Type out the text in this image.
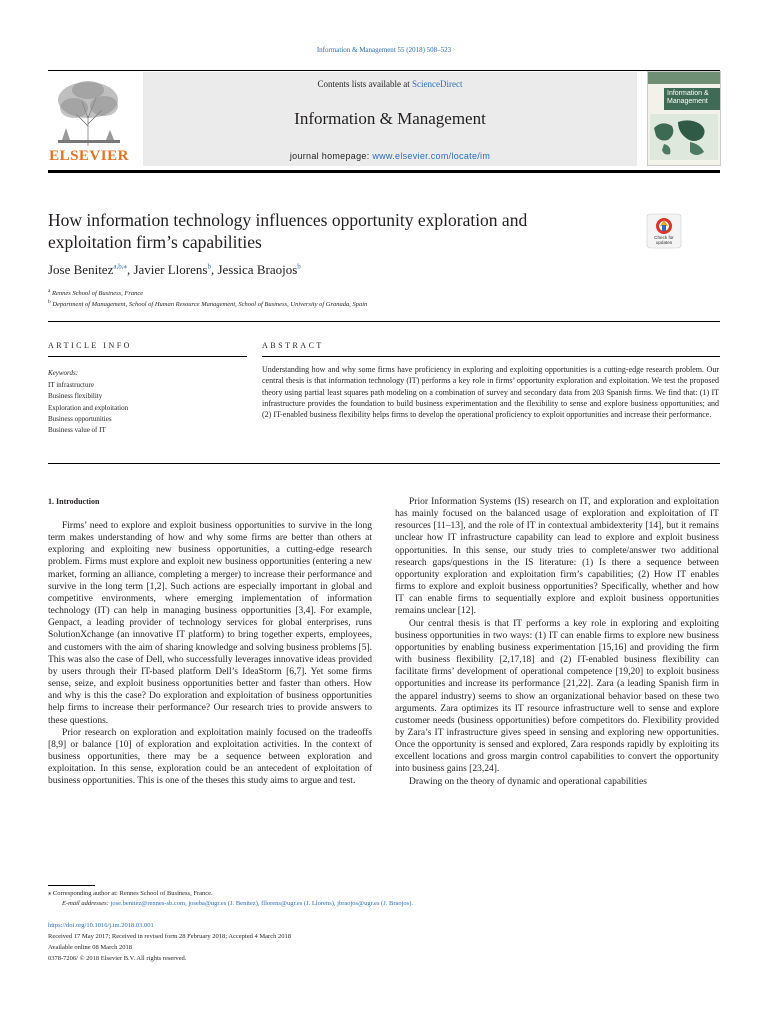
Information & Management 55 (2018) 508–523
ELSEVIER
Contents lists available at ScienceDirect
Information & Management
journal homepage: www.elsevier.com/locate/im
Information & Management
How information technology influences opportunity exploration and
exploitation firm’s capabilities	Check for updates
Jose Benitez$^{a,b,⁎}$, Javier Llorens$^b$, Jessica Braojos$^b$
$^a$ Rennes School of Business, France
$^b$ Department of Management, School of Human Resource Management, School of Business, University of Granada, Spain
ARTICLE INFO	ABSTRACT
Keywords:
IT infrastructure
Business flexibility
Exploration and exploitation
Business opportunities
Business value of IT
Understanding how and why some firms have proficiency in exploring and exploiting opportunities is a cutting-edge research problem. Our central thesis is that information technology (IT) performs a key role in firms’ opportunity exploration and exploitation. We test the proposed theory using partial least squares path modeling on a combination of survey and secondary data from 203 Spanish firms. We find that: (1) IT infrastructure provides the foundation to build business experimentation and the flexibility to sense and explore business opportunities; and (2) IT-enabled business flexibility helps firms to develop the operational proficiency to exploit opportunities and increase their performance.
1. Introduction

Firms’ need to explore and exploit business opportunities to survive in the long term makes understanding of how and why some firms are better than others at exploring and exploiting new business opportunities, a cutting-edge research problem. Firms must explore and exploit new business opportunities (entering a new market, forming an alliance, completing a merger) to increase their performance and survive in the long term [1,2]. Such actions are especially important in global and competitive environments, where emerging implementation of information technology (IT) can help in managing business opportunities [3,4]. For example, Genpact, a leading provider of technology services for global enterprises, runs SolutionXchange (an innovative IT platform) to bring together experts, employees, and customers with the aim of sharing knowledge and solving business problems [5]. This was also the case of Dell, who successfully leverages innovative ideas provided by users through their IT-based platform Dell’s IdeaStorm [6,7]. Yet some firms sense, seize, and exploit business opportunities better and faster than others. How and why is this the case? Do exploration and exploitation of business opportunities help firms to increase their performance? Our research tries to provide answers to these questions.

Prior research on exploration and exploitation mainly focused on the tradeoffs [8,9] or balance [10] of exploration and exploitation activities. In the context of business opportunities, there may be a sequence between exploration and exploitation. In this sense, exploration could be an antecedent of exploitation of business opportunities. This is one of the theses this study aims to argue and test.

Prior Information Systems (IS) research on IT, and exploration and exploitation has mainly focused on the balanced usage of exploration and exploitation of IT resources [11–13], and the role of IT in contextual ambidexterity [14], but it remains unclear how IT infrastructure capability can lead to explore and exploit business opportunities. In this sense, our study tries to complete/answer two additional research gaps/questions in the IS literature: (1) Is there a sequence between opportunity exploration and exploitation firm’s capabilities; (2) How IT enables firms to explore and exploit business opportunities? Specifically, whether and how IT can enable firms to sequentially explore and exploit business opportunities remains unclear [12].

Our central thesis is that IT performs a key role in exploring and exploiting business opportunities in two ways: (1) IT can enable firms to explore new business opportunities by enabling business experimentation [15,16] and providing the firm with business flexibility [2,17,18] and (2) IT-enabled business flexibility can facilitate firms’ development of operational competence [19,20] to exploit business opportunities and increase its performance [21,22]. Zara (a leading Spanish firm in the apparel industry) seems to show an organizational behavior based on these two arguments. Zara optimizes its IT resource infrastructure well to sense and explore customer needs (business opportunities) before competitors do. Flexibility provided by Zara’s IT infrastructure gives speed in sensing and exploring new opportunities. Once the opportunity is sensed and explored, Zara responds rapidly by exploiting its excellent locations and gross margin control capabilities to convert the opportunity into business gains [23,24].

Drawing on the theory of dynamic and operational capabilities

⁎ Corresponding author at: Rennes School of Business, France.
E-mail addresses: jose.benitez@rennes-sb.com, joseba@ugr.es (J. Benitez), fllorens@ugr.es (J. Llorens), jbraojos@ugr.es (J. Braojos).
https://doi.org/10.1016/j.im.2018.03.001
Received 17 May 2017; Received in revised form 28 February 2018; Accepted 4 March 2018
Available online 08 March 2018
0378-7206/ © 2018 Elsevier B.V. All rights reserved.
